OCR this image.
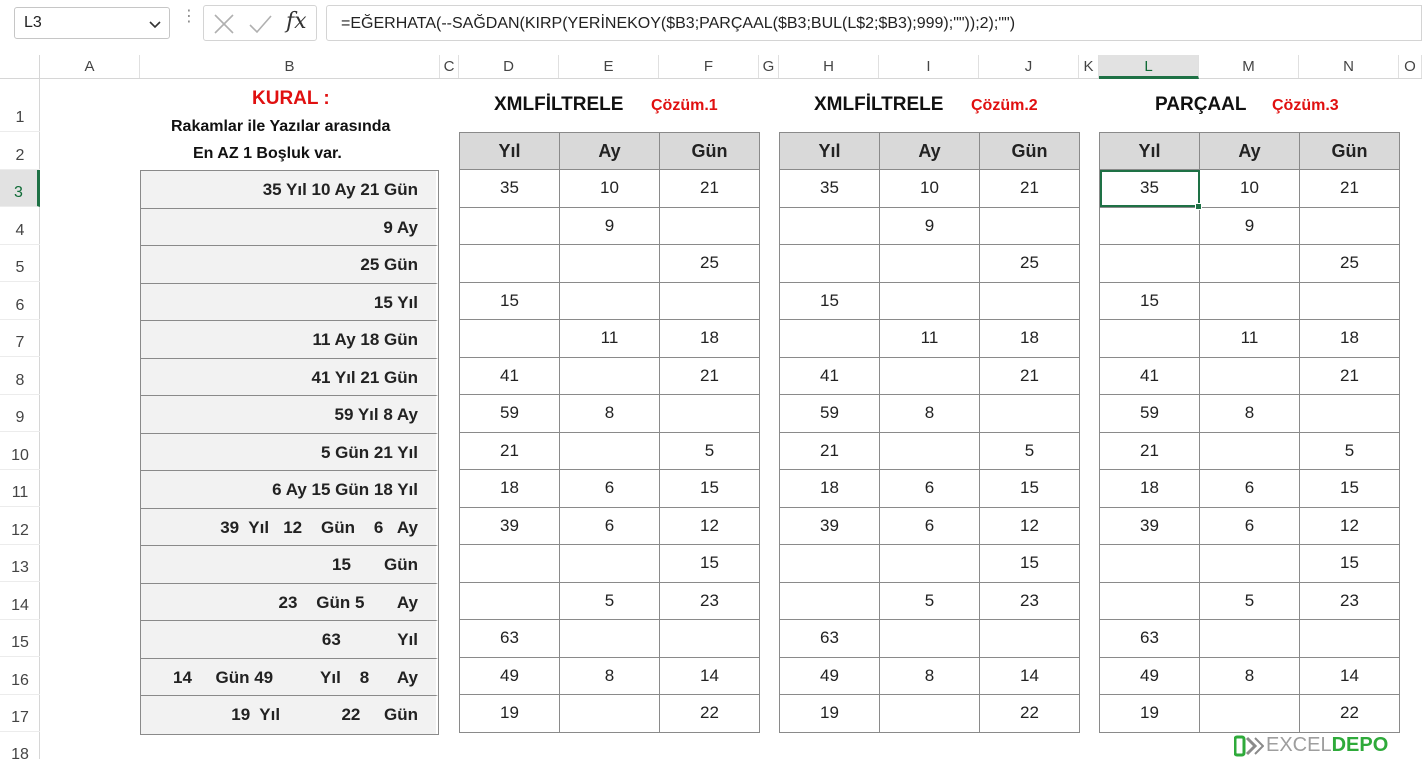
L3	⋮	fx	=EĞERHATA(--SAĞDAN(KIRP(YERİNEKOY($B3;PARÇAAL($B3;BUL(L$2;$B3);999);""));2);"")
A	B	C	D	E	F	G	H	I	J	K	L	M	N	O
1
2
3
4
5
6
7
8
9
10
11
12
13
14
15
16
17
18
KURAL :
Rakamlar ile Yazılar arasında
En AZ 1 Boşluk var.
35 Yıl 10 Ay 21 Gün
9 Ay
25 Gün
15 Yıl
11 Ay 18 Gün
41 Yıl 21 Gün
59 Yıl 8 Ay
5 Gün 21 Yıl
6 Ay 15 Gün 18 Yıl
39  Yıl   12    Gün    6   Ay
15       Gün
23    Gün 5       Ay
63            Yıl
14     Gün 49          Yıl    8      Ay
19  Yıl             22     Gün
XMLFİLTRELE Çözüm.1	XMLFİLTRELE Çözüm.2	PARÇAAL Çözüm.3
Yıl	Ay	Gün
35	10	21
	9	
		25
15		
	11	18
41		21
59	8	
21		5
18	6	15
39	6	12
		15
	5	23
63		
49	8	14
19		22
Yıl	Ay	Gün
35	10	21
	9	
		25
15		
	11	18
41		21
59	8	
21		5
18	6	15
39	6	12
		15
	5	23
63		
49	8	14
19		22
Yıl	Ay	Gün
35	10	21
	9	
		25
15		
	11	18
41		21
59	8	
21		5
18	6	15
39	6	12
		15
	5	23
63		
49	8	14
19		22
EXCELDEPO
